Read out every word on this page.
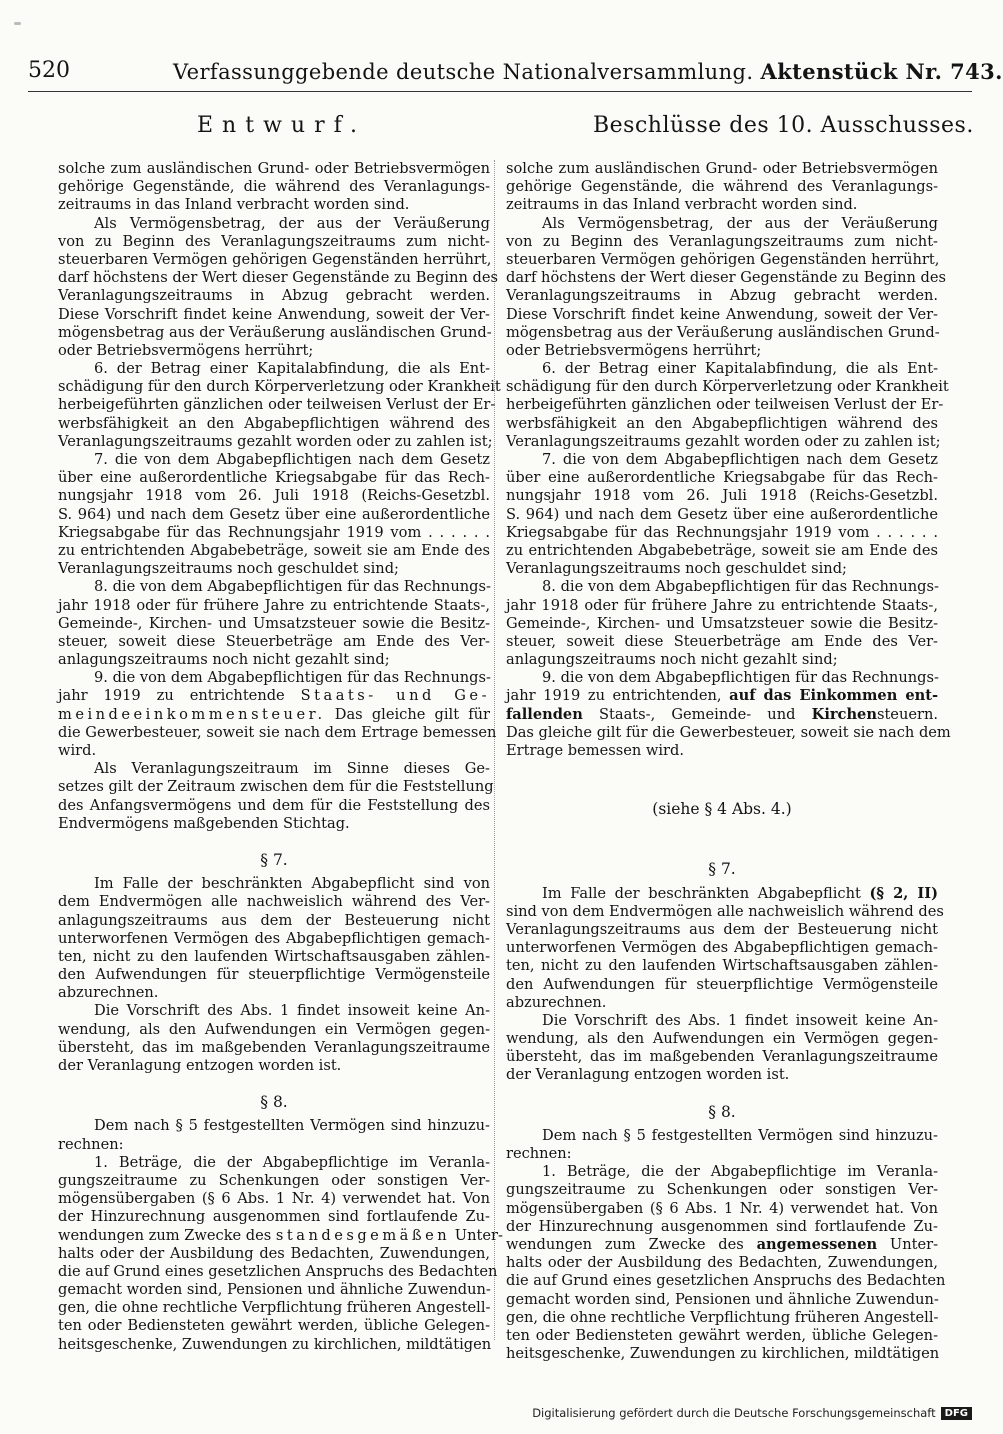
520	Verfassunggebende deutsche Nationalversammlung. Aktenstück Nr. 743.
Entwurf.	Beschlüsse des 10. Ausschusses.
solche zum ausländischen Grund- oder Betriebsvermögen
gehörige Gegenstände, die während des Veranlagungs-
zeitraums in das Inland verbracht worden sind.
Als Vermögensbetrag, der aus der Veräußerung
von zu Beginn des Veranlagungszeitraums zum nicht-
steuerbaren Vermögen gehörigen Gegenständen herrührt,
darf höchstens der Wert dieser Gegenstände zu Beginn des
Veranlagungszeitraums in Abzug gebracht werden.
Diese Vorschrift findet keine Anwendung, soweit der Ver-
mögensbetrag aus der Veräußerung ausländischen Grund-
oder Betriebsvermögens herrührt;
6. der Betrag einer Kapitalabfindung, die als Ent-
schädigung für den durch Körperverletzung oder Krankheit
herbeigeführten gänzlichen oder teilweisen Verlust der Er-
werbsfähigkeit an den Abgabepflichtigen während des
Veranlagungszeitraums gezahlt worden oder zu zahlen ist;
7. die von dem Abgabepflichtigen nach dem Gesetz
über eine außerordentliche Kriegsabgabe für das Rech-
nungsjahr 1918 vom 26. Juli 1918 (Reichs-Gesetzbl.
S. 964) und nach dem Gesetz über eine außerordentliche
Kriegsabgabe für das Rechnungsjahr 1919 vom . . . . . .
zu entrichtenden Abgabebeträge, soweit sie am Ende des
Veranlagungszeitraums noch geschuldet sind;
8. die von dem Abgabepflichtigen für das Rechnungs-
jahr 1918 oder für frühere Jahre zu entrichtende Staats-,
Gemeinde-, Kirchen- und Umsatzsteuer sowie die Besitz-
steuer, soweit diese Steuerbeträge am Ende des Ver-
anlagungszeitraums noch nicht gezahlt sind;
9. die von dem Abgabepflichtigen für das Rechnungs-
jahr 1919 zu entrichtende Staats- und Ge-
meindeeinkommensteuer. Das gleiche gilt für
die Gewerbesteuer, soweit sie nach dem Ertrage bemessen
wird.
Als Veranlagungszeitraum im Sinne dieses Ge-
setzes gilt der Zeitraum zwischen dem für die Feststellung
des Anfangsvermögens und dem für die Feststellung des
Endvermögens maßgebenden Stichtag.
§ 7.
Im Falle der beschränkten Abgabepflicht sind von
dem Endvermögen alle nachweislich während des Ver-
anlagungszeitraums aus dem der Besteuerung nicht
unterworfenen Vermögen des Abgabepflichtigen gemach-
ten, nicht zu den laufenden Wirtschaftsausgaben zählen-
den Aufwendungen für steuerpflichtige Vermögensteile
abzurechnen.
Die Vorschrift des Abs. 1 findet insoweit keine An-
wendung, als den Aufwendungen ein Vermögen gegen-
übersteht, das im maßgebenden Veranlagungszeitraume
der Veranlagung entzogen worden ist.
§ 8.
Dem nach § 5 festgestellten Vermögen sind hinzuzu-
rechnen:
1. Beträge, die der Abgabepflichtige im Veranla-
gungszeitraume zu Schenkungen oder sonstigen Ver-
mögensübergaben (§ 6 Abs. 1 Nr. 4) verwendet hat. Von
der Hinzurechnung ausgenommen sind fortlaufende Zu-
wendungen zum Zwecke des standesgemäßen Unter-
halts oder der Ausbildung des Bedachten, Zuwendungen,
die auf Grund eines gesetzlichen Anspruchs des Bedachten
gemacht worden sind, Pensionen und ähnliche Zuwendun-
gen, die ohne rechtliche Verpflichtung früheren Angestell-
ten oder Bediensteten gewährt werden, übliche Gelegen-
heitsgeschenke, Zuwendungen zu kirchlichen, mildtätigen
solche zum ausländischen Grund- oder Betriebsvermögen
gehörige Gegenstände, die während des Veranlagungs-
zeitraums in das Inland verbracht worden sind.
Als Vermögensbetrag, der aus der Veräußerung
von zu Beginn des Veranlagungszeitraums zum nicht-
steuerbaren Vermögen gehörigen Gegenständen herrührt,
darf höchstens der Wert dieser Gegenstände zu Beginn des
Veranlagungszeitraums in Abzug gebracht werden.
Diese Vorschrift findet keine Anwendung, soweit der Ver-
mögensbetrag aus der Veräußerung ausländischen Grund-
oder Betriebsvermögens herrührt;
6. der Betrag einer Kapitalabfindung, die als Ent-
schädigung für den durch Körperverletzung oder Krankheit
herbeigeführten gänzlichen oder teilweisen Verlust der Er-
werbsfähigkeit an den Abgabepflichtigen während des
Veranlagungszeitraums gezahlt worden oder zu zahlen ist;
7. die von dem Abgabepflichtigen nach dem Gesetz
über eine außerordentliche Kriegsabgabe für das Rech-
nungsjahr 1918 vom 26. Juli 1918 (Reichs-Gesetzbl.
S. 964) und nach dem Gesetz über eine außerordentliche
Kriegsabgabe für das Rechnungsjahr 1919 vom . . . . . .
zu entrichtenden Abgabebeträge, soweit sie am Ende des
Veranlagungszeitraums noch geschuldet sind;
8. die von dem Abgabepflichtigen für das Rechnungs-
jahr 1918 oder für frühere Jahre zu entrichtende Staats-,
Gemeinde-, Kirchen- und Umsatzsteuer sowie die Besitz-
steuer, soweit diese Steuerbeträge am Ende des Ver-
anlagungszeitraums noch nicht gezahlt sind;
9. die von dem Abgabepflichtigen für das Rechnungs-
jahr 1919 zu entrichtenden, auf das Einkommen ent-
fallenden Staats-, Gemeinde- und Kirchensteuern.
Das gleiche gilt für die Gewerbesteuer, soweit sie nach dem
Ertrage bemessen wird.
(siehe § 4 Abs. 4.)
§ 7.
Im Falle der beschränkten Abgabepflicht (§ 2, II)
sind von dem Endvermögen alle nachweislich während des
Veranlagungszeitraums aus dem der Besteuerung nicht
unterworfenen Vermögen des Abgabepflichtigen gemach-
ten, nicht zu den laufenden Wirtschaftsausgaben zählen-
den Aufwendungen für steuerpflichtige Vermögensteile
abzurechnen.
Die Vorschrift des Abs. 1 findet insoweit keine An-
wendung, als den Aufwendungen ein Vermögen gegen-
übersteht, das im maßgebenden Veranlagungszeitraume
der Veranlagung entzogen worden ist.
§ 8.
Dem nach § 5 festgestellten Vermögen sind hinzuzu-
rechnen:
1. Beträge, die der Abgabepflichtige im Veranla-
gungszeitraume zu Schenkungen oder sonstigen Ver-
mögensübergaben (§ 6 Abs. 1 Nr. 4) verwendet hat. Von
der Hinzurechnung ausgenommen sind fortlaufende Zu-
wendungen zum Zwecke des angemessenen Unter-
halts oder der Ausbildung des Bedachten, Zuwendungen,
die auf Grund eines gesetzlichen Anspruchs des Bedachten
gemacht worden sind, Pensionen und ähnliche Zuwendun-
gen, die ohne rechtliche Verpflichtung früheren Angestell-
ten oder Bediensteten gewährt werden, übliche Gelegen-
heitsgeschenke, Zuwendungen zu kirchlichen, mildtätigen
Digitalisierung gefördert durch die Deutsche Forschungsgemeinschaft DFG
